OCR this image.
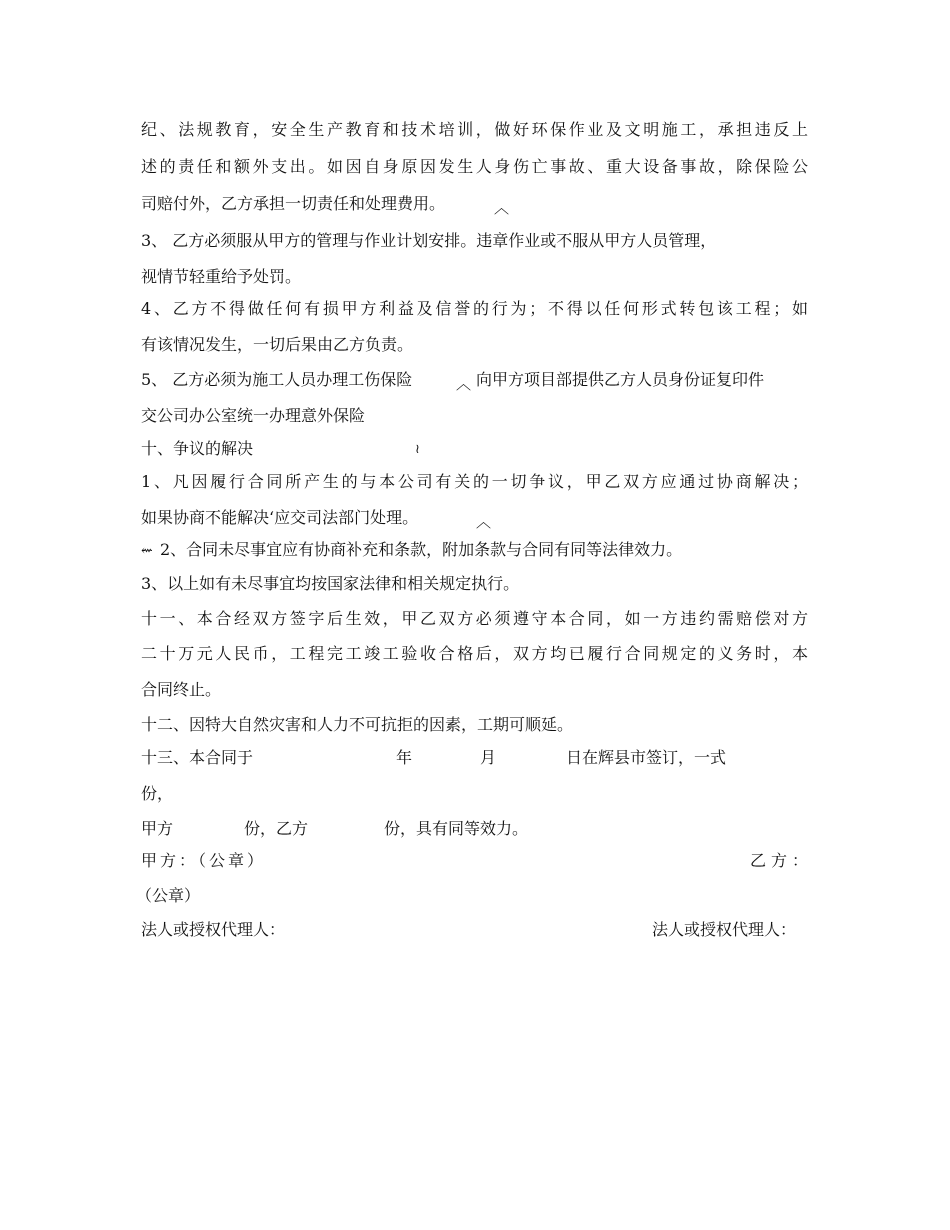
纪、法规教育，安全生产教育和技术培训，做好环保作业及文明施工，承担违反上
述的责任和额外支出。如因自身原因发生人身伤亡事故、重大设备事故，除保险公
司赔付外，乙方承担一切责任和处理费用。	︿
3、 乙方必须服从甲方的管理与作业计划安排。违章作业或不服从甲方人员管理，
视情节轻重给予处罚。
4、乙方不得做任何有损甲方利益及信誉的行为；不得以任何形式转包该工程；如
有该情况发生，一切后果由乙方负责。
5、 乙方必须为施工人员办理工伤保险	︿ 向甲方项目部提供乙方人员身份证复印件
交公司办公室统一办理意外保险
十、争议的解决	≀
1、凡因履行合同所产生的与本公司有关的一切争议，甲乙双方应通过协商解决；
如果协商不能解决‘应交司法部门处理。	︿
⇜ 2、合同未尽事宜应有协商补充和条款，附加条款与合同有同等法律效力。
3、以上如有未尽事宜均按国家法律和相关规定执行。
十一、本合经双方签字后生效，甲乙双方必须遵守本合同，如一方违约需赔偿对方
二十万元人民币，工程完工竣工验收合格后，双方均已履行合同规定的义务时，本
合同终止。
十二、因特大自然灾害和人力不可抗拒的因素，工期可顺延。
十三、本合同于	年	月	日在辉县市签订，一式
份，
甲方	份，乙方	份，具有同等效力。
甲方：（公章）	乙方：
（公章）
法人或授权代理人：	法人或授权代理人：
